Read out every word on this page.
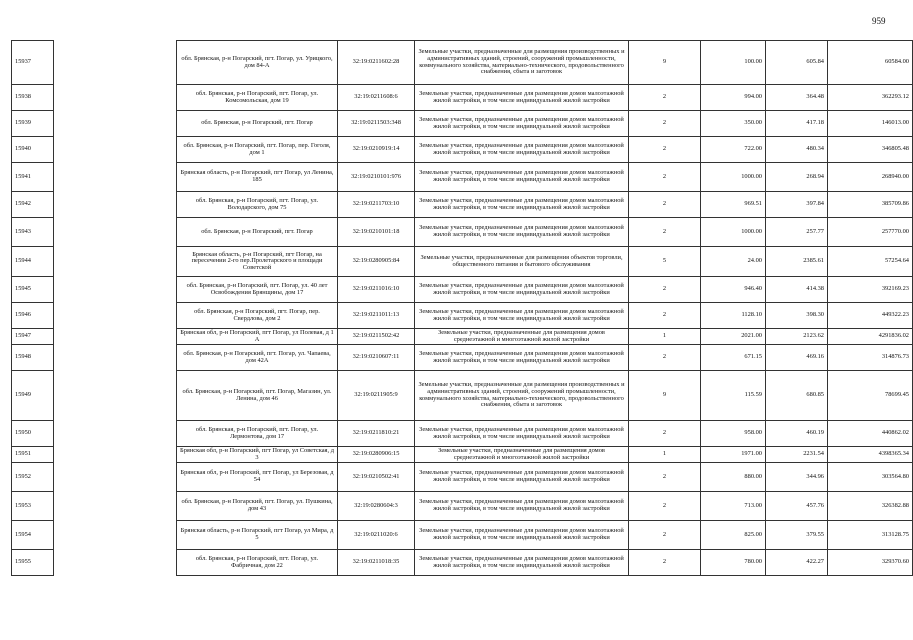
959
15937		обл. Брянская, р-н Погарский, пгт. Погар, ул. Урицкого, дом 84-А	32:19:0211602:28	Земельные участки, предназначенные для размещения производственных и административных зданий, строений, сооружений промышленности, коммунального хозяйства, материально-технического, продовольственного снабжения, сбыта и заготовок	9	100.00	605.84	60584.00
15938		обл. Брянская, р-н Погарский, пгт. Погар, ул. Комсомольская, дом 19	32:19:0211608:6	Земельные участки, предназначенные для размещения домов малоэтажной жилой застройки, в том числе индивидуальной жилой застройки	2	994.00	364.48	362293.12
15939		обл. Брянская, р-н Погарский, пгт. Погар	32:19:0211503:348	Земельные участки, предназначенные для размещения домов малоэтажной жилой застройки, в том числе индивидуальной жилой застройки	2	350.00	417.18	146013.00
15940		обл. Брянская, р-н Погарский, пгт. Погар, пер. Гоголя, дом 1	32:19:0210919:14	Земельные участки, предназначенные для размещения домов малоэтажной жилой застройки, в том числе индивидуальной жилой застройки	2	722.00	480.34	346805.48
15941		Брянская область, р-н Погарский, пгт Погар, ул Ленина, 185	32:19:0210101:976	Земельные участки, предназначенные для размещения домов малоэтажной жилой застройки, в том числе индивидуальной жилой застройки	2	1000.00	268.94	268940.00
15942		обл. Брянская, р-н Погарский, пгт. Погар, ул. Володарского, дом 75	32:19:0211703:10	Земельные участки, предназначенные для размещения домов малоэтажной жилой застройки, в том числе индивидуальной жилой застройки	2	969.51	397.84	385709.86
15943		обл. Брянская, р-н Погарский, пгт. Погар	32:19:0210101:18	Земельные участки, предназначенные для размещения домов малоэтажной жилой застройки, в том числе индивидуальной жилой застройки	2	1000.00	257.77	257770.00
15944		Брянская область, р-н Погарский, пгт Погар, на пересечении 2-го пер.Пролетарского и площади Советской	32:19:0280905:84	Земельные участки, предназначенные для размещения объектов торговли, общественного питания и бытового обслуживания	5	24.00	2385.61	57254.64
15945		обл. Брянская, р-н Погарский, пгт. Погар, ул. 40 лет Освобождения Брянщины, дом 17	32:19:0211016:10	Земельные участки, предназначенные для размещения домов малоэтажной жилой застройки, в том числе индивидуальной жилой застройки	2	946.40	414.38	392169.23
15946		обл. Брянская, р-н Погарский, пгт. Погар, пер. Свердлова, дом 2	32:19:0211011:13	Земельные участки, предназначенные для размещения домов малоэтажной жилой застройки, в том числе индивидуальной жилой застройки	2	1128.10	398.30	449322.23
15947		Брянская обл, р-н Погарский, пгт Погар, ул Полевая, д 1 А	32:19:0211502:42	Земельные участки, предназначенные для размещения домов среднеэтажной и многоэтажной жилой застройки	1	2021.00	2123.62	4291836.02
15948		обл. Брянская, р-н Погарский, пгт. Погар, ул. Чапаева, дом 42А	32:19:0210607:11	Земельные участки, предназначенные для размещения домов малоэтажной жилой застройки, в том числе индивидуальной жилой застройки	2	671.15	469.16	314876.73
15949		обл. Брянская, р-н Погарский, пгт. Погар, Магазин, ул. Ленина, дом 46	32:19:0211905:9	Земельные участки, предназначенные для размещения производственных и административных зданий, строений, сооружений промышленности, коммунального хозяйства, материально-технического, продовольственного снабжения, сбыта и заготовок	9	115.59	680.85	78699.45
15950		обл. Брянская, р-н Погарский, пгт. Погар, ул. Лермонтова, дом 17	32:19:0211810:21	Земельные участки, предназначенные для размещения домов малоэтажной жилой застройки, в том числе индивидуальной жилой застройки	2	958.00	460.19	440862.02
15951		Брянская обл, р-н Погарский, пгт Погар, ул Советская, д 3	32:19:0280906:15	Земельные участки, предназначенные для размещения домов среднеэтажной и многоэтажной жилой застройки	1	1971.00	2231.54	4398365.34
15952		Брянская обл, р-н Погарский, пгт Погар, ул Березовая, д 54	32:19:0210502:41	Земельные участки, предназначенные для размещения домов малоэтажной жилой застройки, в том числе индивидуальной жилой застройки	2	880.00	344.96	303564.80
15953		обл. Брянская, р-н Погарский, пгт. Погар, ул. Пушкина, дом 43	32:19:0280604:3	Земельные участки, предназначенные для размещения домов малоэтажной жилой застройки, в том числе индивидуальной жилой застройки	2	713.00	457.76	326382.88
15954		Брянская область, р-н Погарский, пгт Погар, ул Мира, д 5	32:19:0211020:6	Земельные участки, предназначенные для размещения домов малоэтажной жилой застройки, в том числе индивидуальной жилой застройки	2	825.00	379.55	313128.75
15955		обл. Брянская, р-н Погарский, пгт. Погар, ул. Фабричная, дом 22	32:19:0211018:35	Земельные участки, предназначенные для размещения домов малоэтажной жилой застройки, в том числе индивидуальной жилой застройки	2	780.00	422.27	329370.60
